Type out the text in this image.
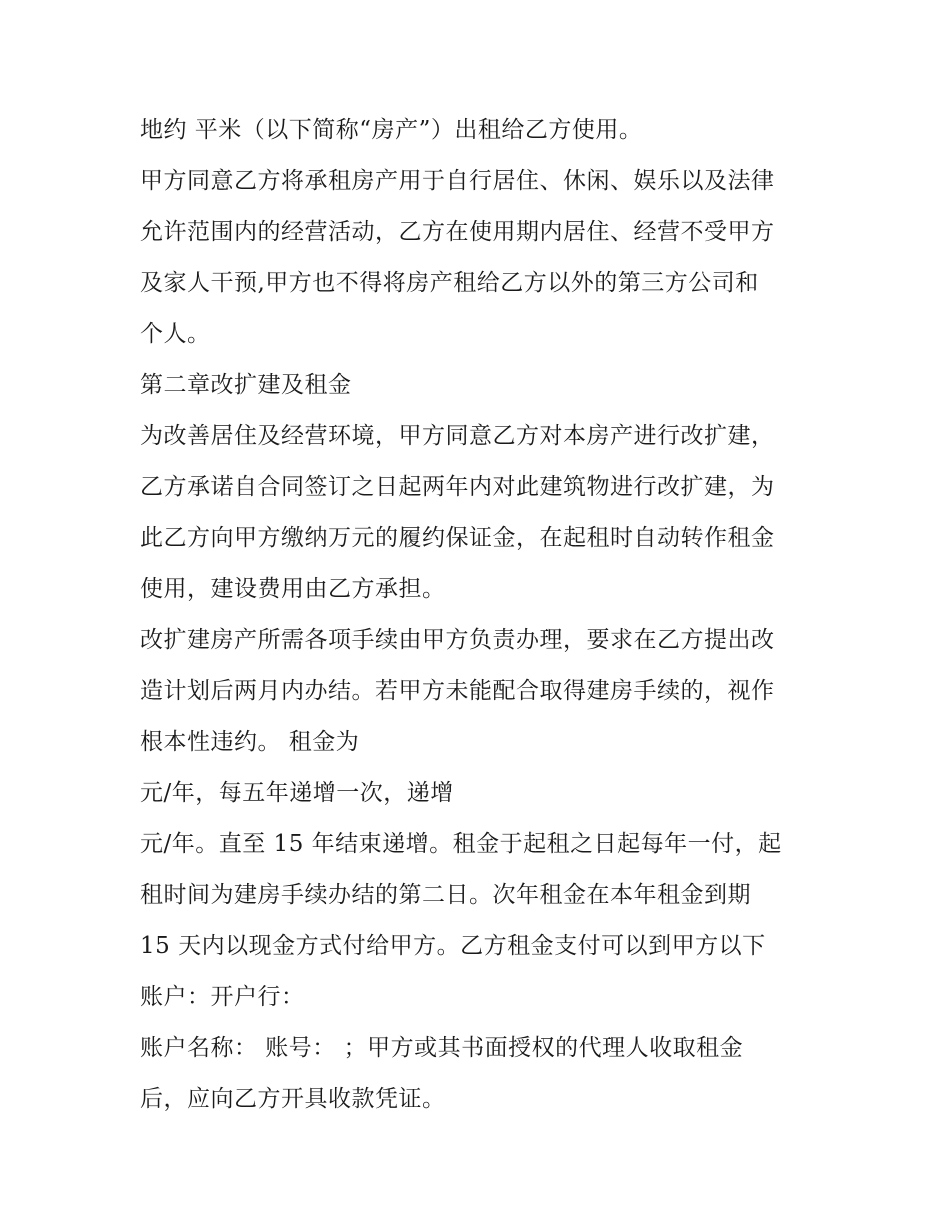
地约 平米（以下简称“房产”）出租给乙方使用。
甲方同意乙方将承租房产用于自行居住、休闲、娱乐以及法律
允许范围内的经营活动，乙方在使用期内居住、经营不受甲方
及家人干预,甲方也不得将房产租给乙方以外的第三方公司和
个人。
第二章改扩建及租金
为改善居住及经营环境，甲方同意乙方对本房产进行改扩建，
乙方承诺自合同签订之日起两年内对此建筑物进行改扩建，为
此乙方向甲方缴纳万元的履约保证金，在起租时自动转作租金
使用，建设费用由乙方承担。
改扩建房产所需各项手续由甲方负责办理，要求在乙方提出改
造计划后两月内办结。若甲方未能配合取得建房手续的，视作
根本性违约。 租金为
元/年，每五年递增一次，递增
元/年。直至 15 年结束递增。租金于起租之日起每年一付，起
租时间为建房手续办结的第二日。次年租金在本年租金到期
15 天内以现金方式付给甲方。乙方租金支付可以到甲方以下
账户：开户行：
账户名称： 账号： ；甲方或其书面授权的代理人收取租金
后，应向乙方开具收款凭证。
